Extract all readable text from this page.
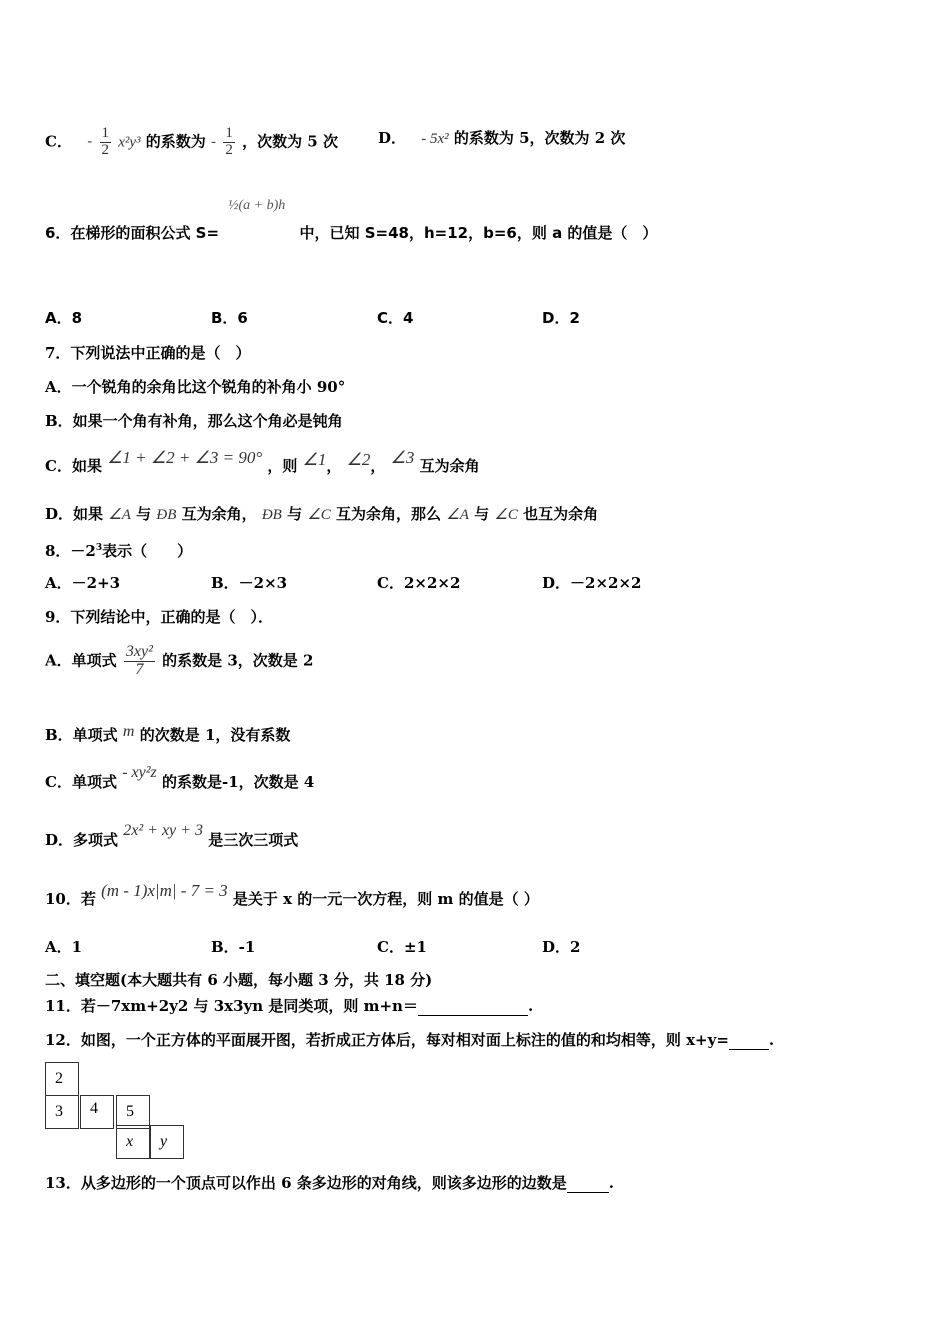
C． - $\frac{1}{2} x^2y^3$ 的系数为 - $\frac{1}{2}$ ，次数为 5 次	D． - 5x² 的系数为 5，次数为 2 次
6．在梯形的面积公式 S=	中，已知 S=48，h=12，b=6，则 a 的值是（　）
½(a + b)h
A．8	B．6	C．4	D．2
7．下列说法中正确的是（　）
A．一个锐角的余角比这个锐角的补角小 90°
B．如果一个角有补角，那么这个角必是钝角
C．如果 ∠1 + ∠2 + ∠3 = 90° ，则 ∠1， ∠2， ∠3 互为余角
D．如果 ∠A 与 ÐB 互为余角， ÐB 与 ∠C 互为余角，那么 ∠A 与 ∠C 也互为余角
8．$-2^3$表示（　　）
A．－2+3	B．－2×3	C．2×2×2	D．－2×2×2
9．下列结论中，正确的是（　）．
A．单项式 $\frac{\text{3xy²}}{7}$ 的系数是 3，次数是 2
B．单项式 m 的次数是 1，没有系数
C．单项式 - xy²z 的系数是-1，次数是 4
D．多项式 2x² + xy + 3 是三次三项式
10．若 (m - 1)x|m| - 7 = 3 是关于 x 的一元一次方程，则 m 的值是（ ）
A．1	B．-1	C．±1	D．2
二、填空题(本大题共有 6 小题，每小题 3 分，共 18 分)
11．若－7xm+2y2 与 3x3yn 是同类项，则 m+n＝	.
12．如图，一个正方体的平面展开图，若折成正方体后，每对相对面上标注的值的和均相等，则 x+y=	.
2
3 4 5
x y
13．从多边形的一个顶点可以作出 6 条多边形的对角线，则该多边形的边数是	.
